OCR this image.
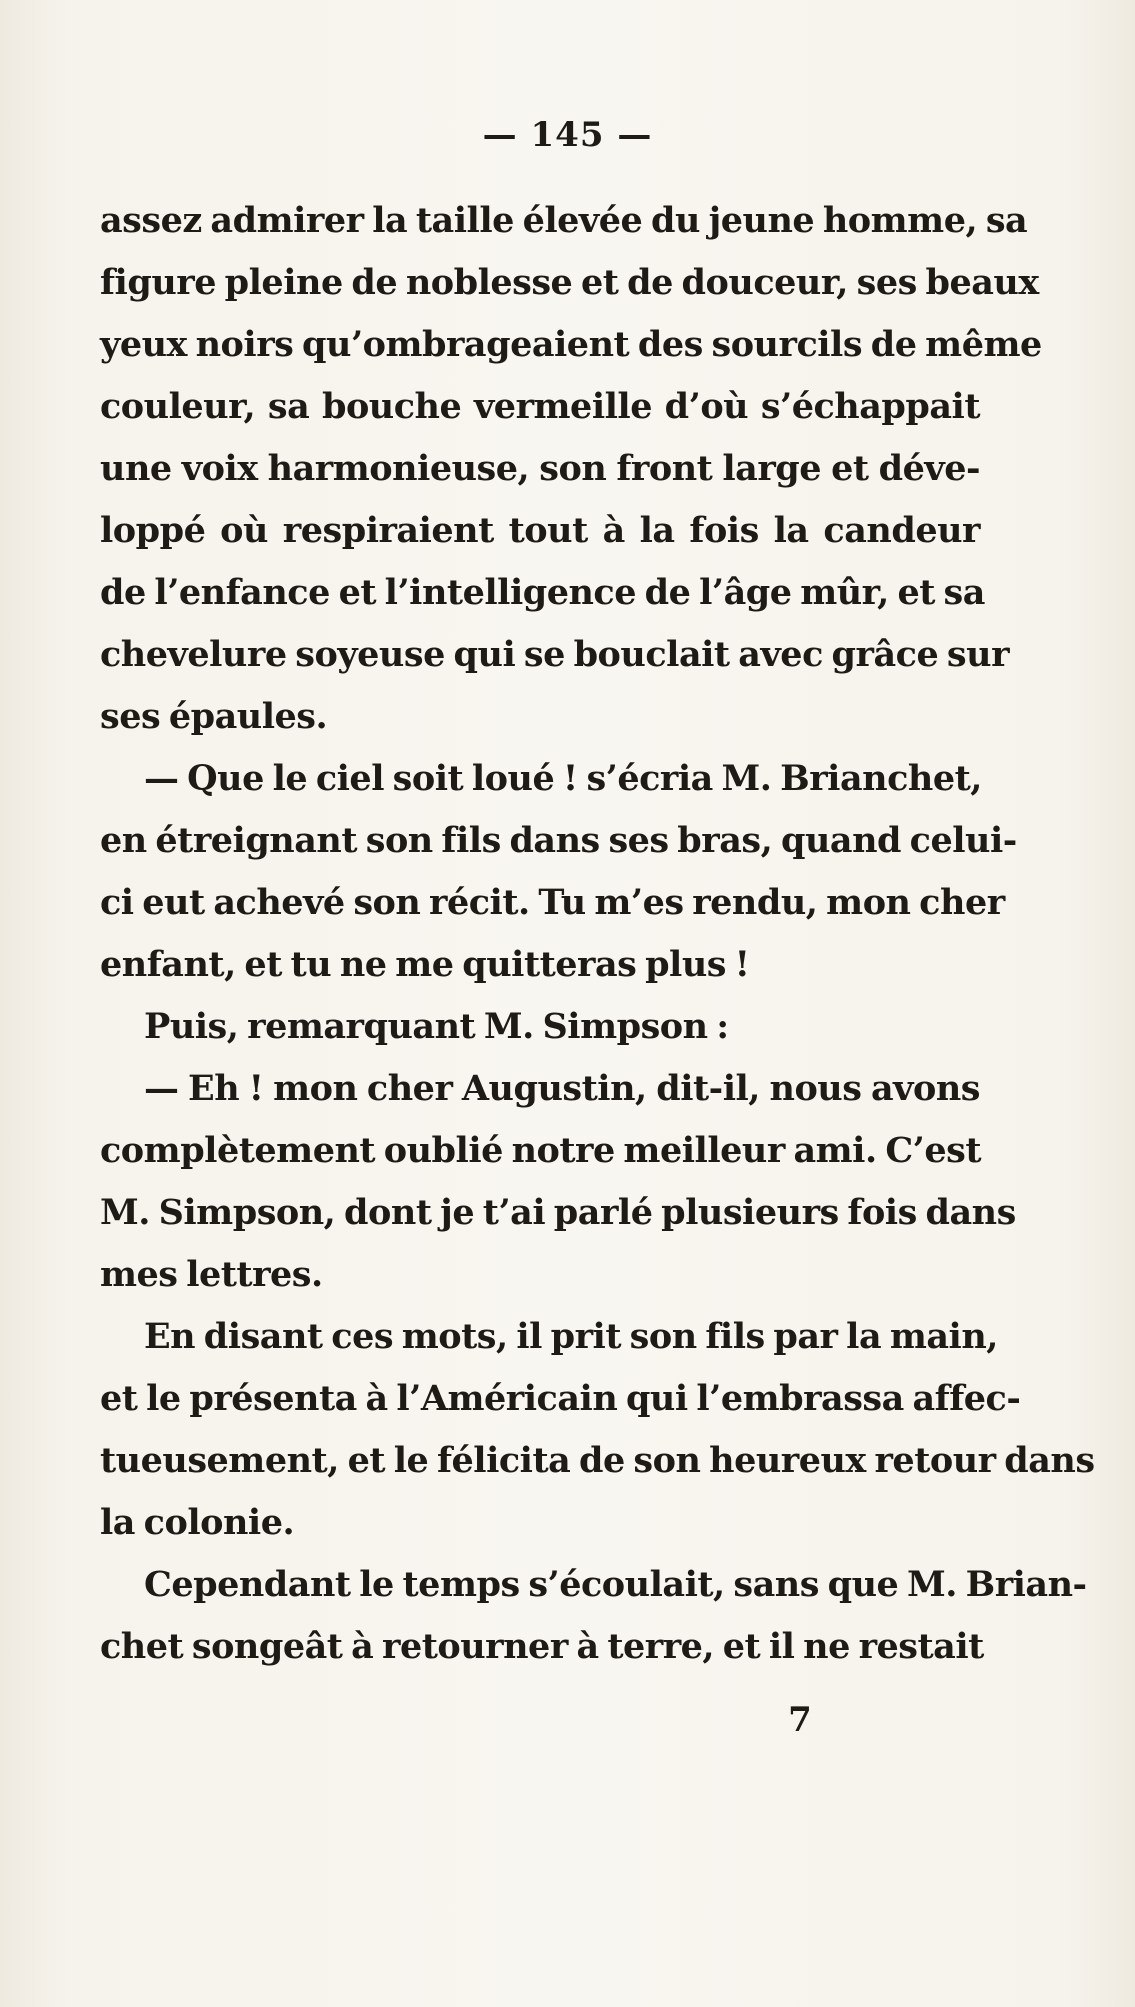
— 145 —
assez admirer la taille élevée du jeune homme, sa
figure pleine de noblesse et de douceur, ses beaux
yeux noirs qu’ombrageaient des sourcils de même
couleur, sa bouche vermeille d’où s’échappait
une voix harmonieuse, son front large et déve-
loppé où respiraient tout à la fois la candeur
de l’enfance et l’intelligence de l’âge mûr, et sa
chevelure soyeuse qui se bouclait avec grâce sur
ses épaules.
— Que le ciel soit loué ! s’écria M. Brianchet,
en étreignant son fils dans ses bras, quand celui-
ci eut achevé son récit. Tu m’es rendu, mon cher
enfant, et tu ne me quitteras plus !
Puis, remarquant M. Simpson :
— Eh ! mon cher Augustin, dit-il, nous avons
complètement oublié notre meilleur ami. C’est
M. Simpson, dont je t’ai parlé plusieurs fois dans
mes lettres.
En disant ces mots, il prit son fils par la main,
et le présenta à l’Américain qui l’embrassa affec-
tueusement, et le félicita de son heureux retour dans
la colonie.
Cependant le temps s’écoulait, sans que M. Brian-
chet songeât à retourner à terre, et il ne restait
7
